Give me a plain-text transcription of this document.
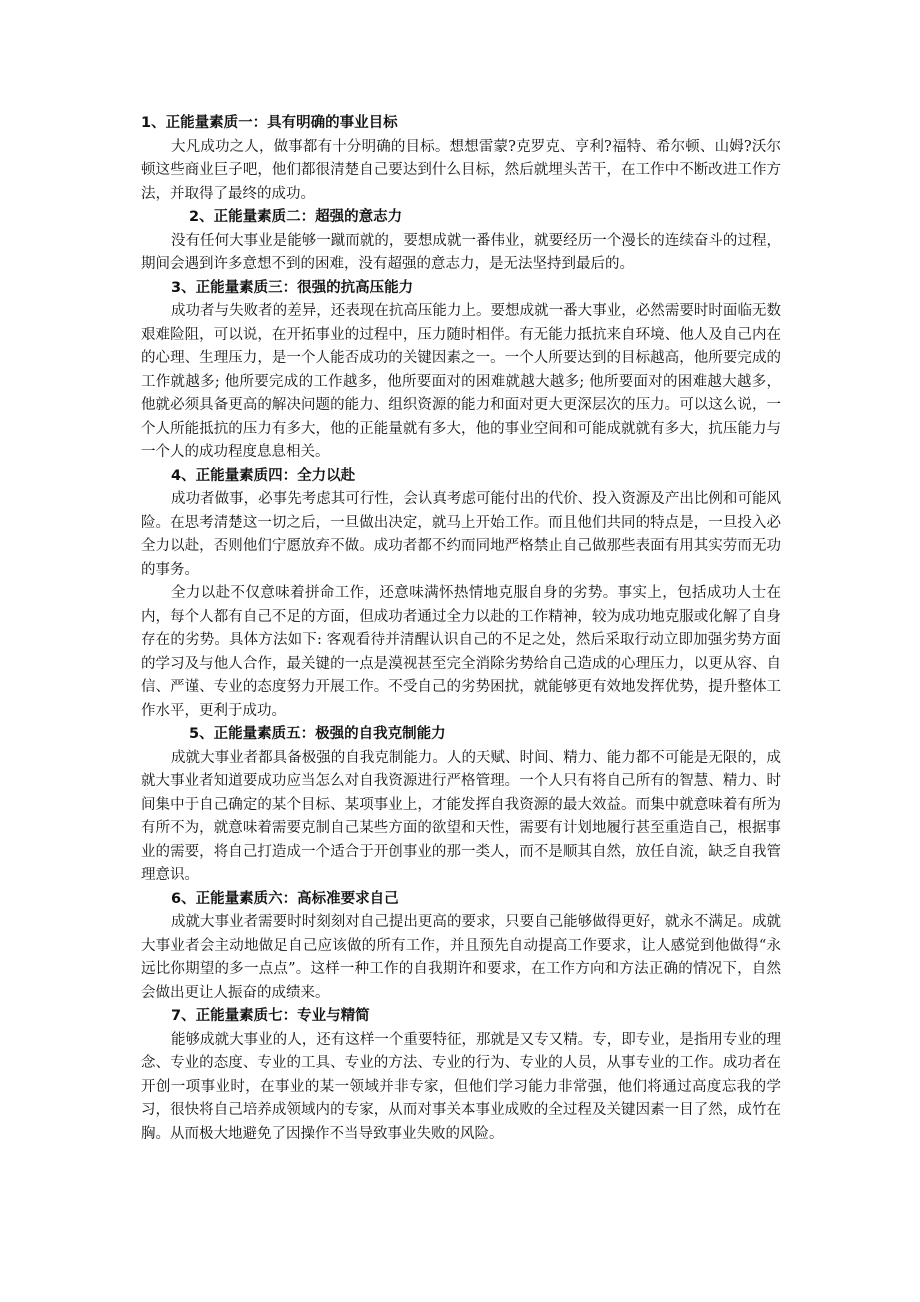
1、正能量素质一：具有明确的事业目标

大凡成功之人，做事都有十分明确的目标。想想雷蒙?克罗克、亨利?福特、希尔顿、山姆?沃尔顿这些商业巨子吧，他们都很清楚自己要达到什么目标，然后就埋头苦干，在工作中不断改进工作方法，并取得了最终的成功。

2、正能量素质二：超强的意志力

没有任何大事业是能够一蹴而就的，要想成就一番伟业，就要经历一个漫长的连续奋斗的过程，期间会遇到许多意想不到的困难，没有超强的意志力，是无法坚持到最后的。

3、正能量素质三：很强的抗高压能力

成功者与失败者的差异，还表现在抗高压能力上。要想成就一番大事业，必然需要时时面临无数艰难险阻，可以说，在开拓事业的过程中，压力随时相伴。有无能力抵抗来自环境、他人及自己内在的心理、生理压力，是一个人能否成功的关键因素之一。一个人所要达到的目标越高，他所要完成的工作就越多; 他所要完成的工作越多，他所要面对的困难就越大越多; 他所要面对的困难越大越多，他就必须具备更高的解决问题的能力、组织资源的能力和面对更大更深层次的压力。可以这么说，一个人所能抵抗的压力有多大，他的正能量就有多大，他的事业空间和可能成就就有多大，抗压能力与一个人的成功程度息息相关。

4、正能量素质四：全力以赴

成功者做事，必事先考虑其可行性，会认真考虑可能付出的代价、投入资源及产出比例和可能风险。在思考清楚这一切之后，一旦做出决定，就马上开始工作。而且他们共同的特点是，一旦投入必全力以赴，否则他们宁愿放弃不做。成功者都不约而同地严格禁止自己做那些表面有用其实劳而无功的事务。

全力以赴不仅意味着拼命工作，还意味满怀热情地克服自身的劣势。事实上，包括成功人士在内，每个人都有自己不足的方面，但成功者通过全力以赴的工作精神，较为成功地克服或化解了自身存在的劣势。具体方法如下: 客观看待并清醒认识自己的不足之处，然后采取行动立即加强劣势方面的学习及与他人合作，最关键的一点是漠视甚至完全消除劣势给自己造成的心理压力，以更从容、自信、严谨、专业的态度努力开展工作。不受自己的劣势困扰，就能够更有效地发挥优势，提升整体工作水平，更利于成功。

5、正能量素质五：极强的自我克制能力

成就大事业者都具备极强的自我克制能力。人的天赋、时间、精力、能力都不可能是无限的，成就大事业者知道要成功应当怎么对自我资源进行严格管理。一个人只有将自己所有的智慧、精力、时间集中于自己确定的某个目标、某项事业上，才能发挥自我资源的最大效益。而集中就意味着有所为有所不为，就意味着需要克制自己某些方面的欲望和天性，需要有计划地履行甚至重造自己，根据事业的需要，将自己打造成一个适合于开创事业的那一类人，而不是顺其自然，放任自流，缺乏自我管理意识。

6、正能量素质六：高标准要求自己

成就大事业者需要时时刻刻对自己提出更高的要求，只要自己能够做得更好，就永不满足。成就大事业者会主动地做足自己应该做的所有工作，并且预先自动提高工作要求，让人感觉到他做得“永远比你期望的多一点点”。这样一种工作的自我期许和要求，在工作方向和方法正确的情况下，自然会做出更让人振奋的成绩来。

7、正能量素质七：专业与精简

能够成就大事业的人，还有这样一个重要特征，那就是又专又精。专，即专业，是指用专业的理念、专业的态度、专业的工具、专业的方法、专业的行为、专业的人员，从事专业的工作。成功者在开创一项事业时，在事业的某一领域并非专家，但他们学习能力非常强，他们将通过高度忘我的学习，很快将自己培养成领域内的专家，从而对事关本事业成败的全过程及关键因素一目了然，成竹在胸。从而极大地避免了因操作不当导致事业失败的风险。
